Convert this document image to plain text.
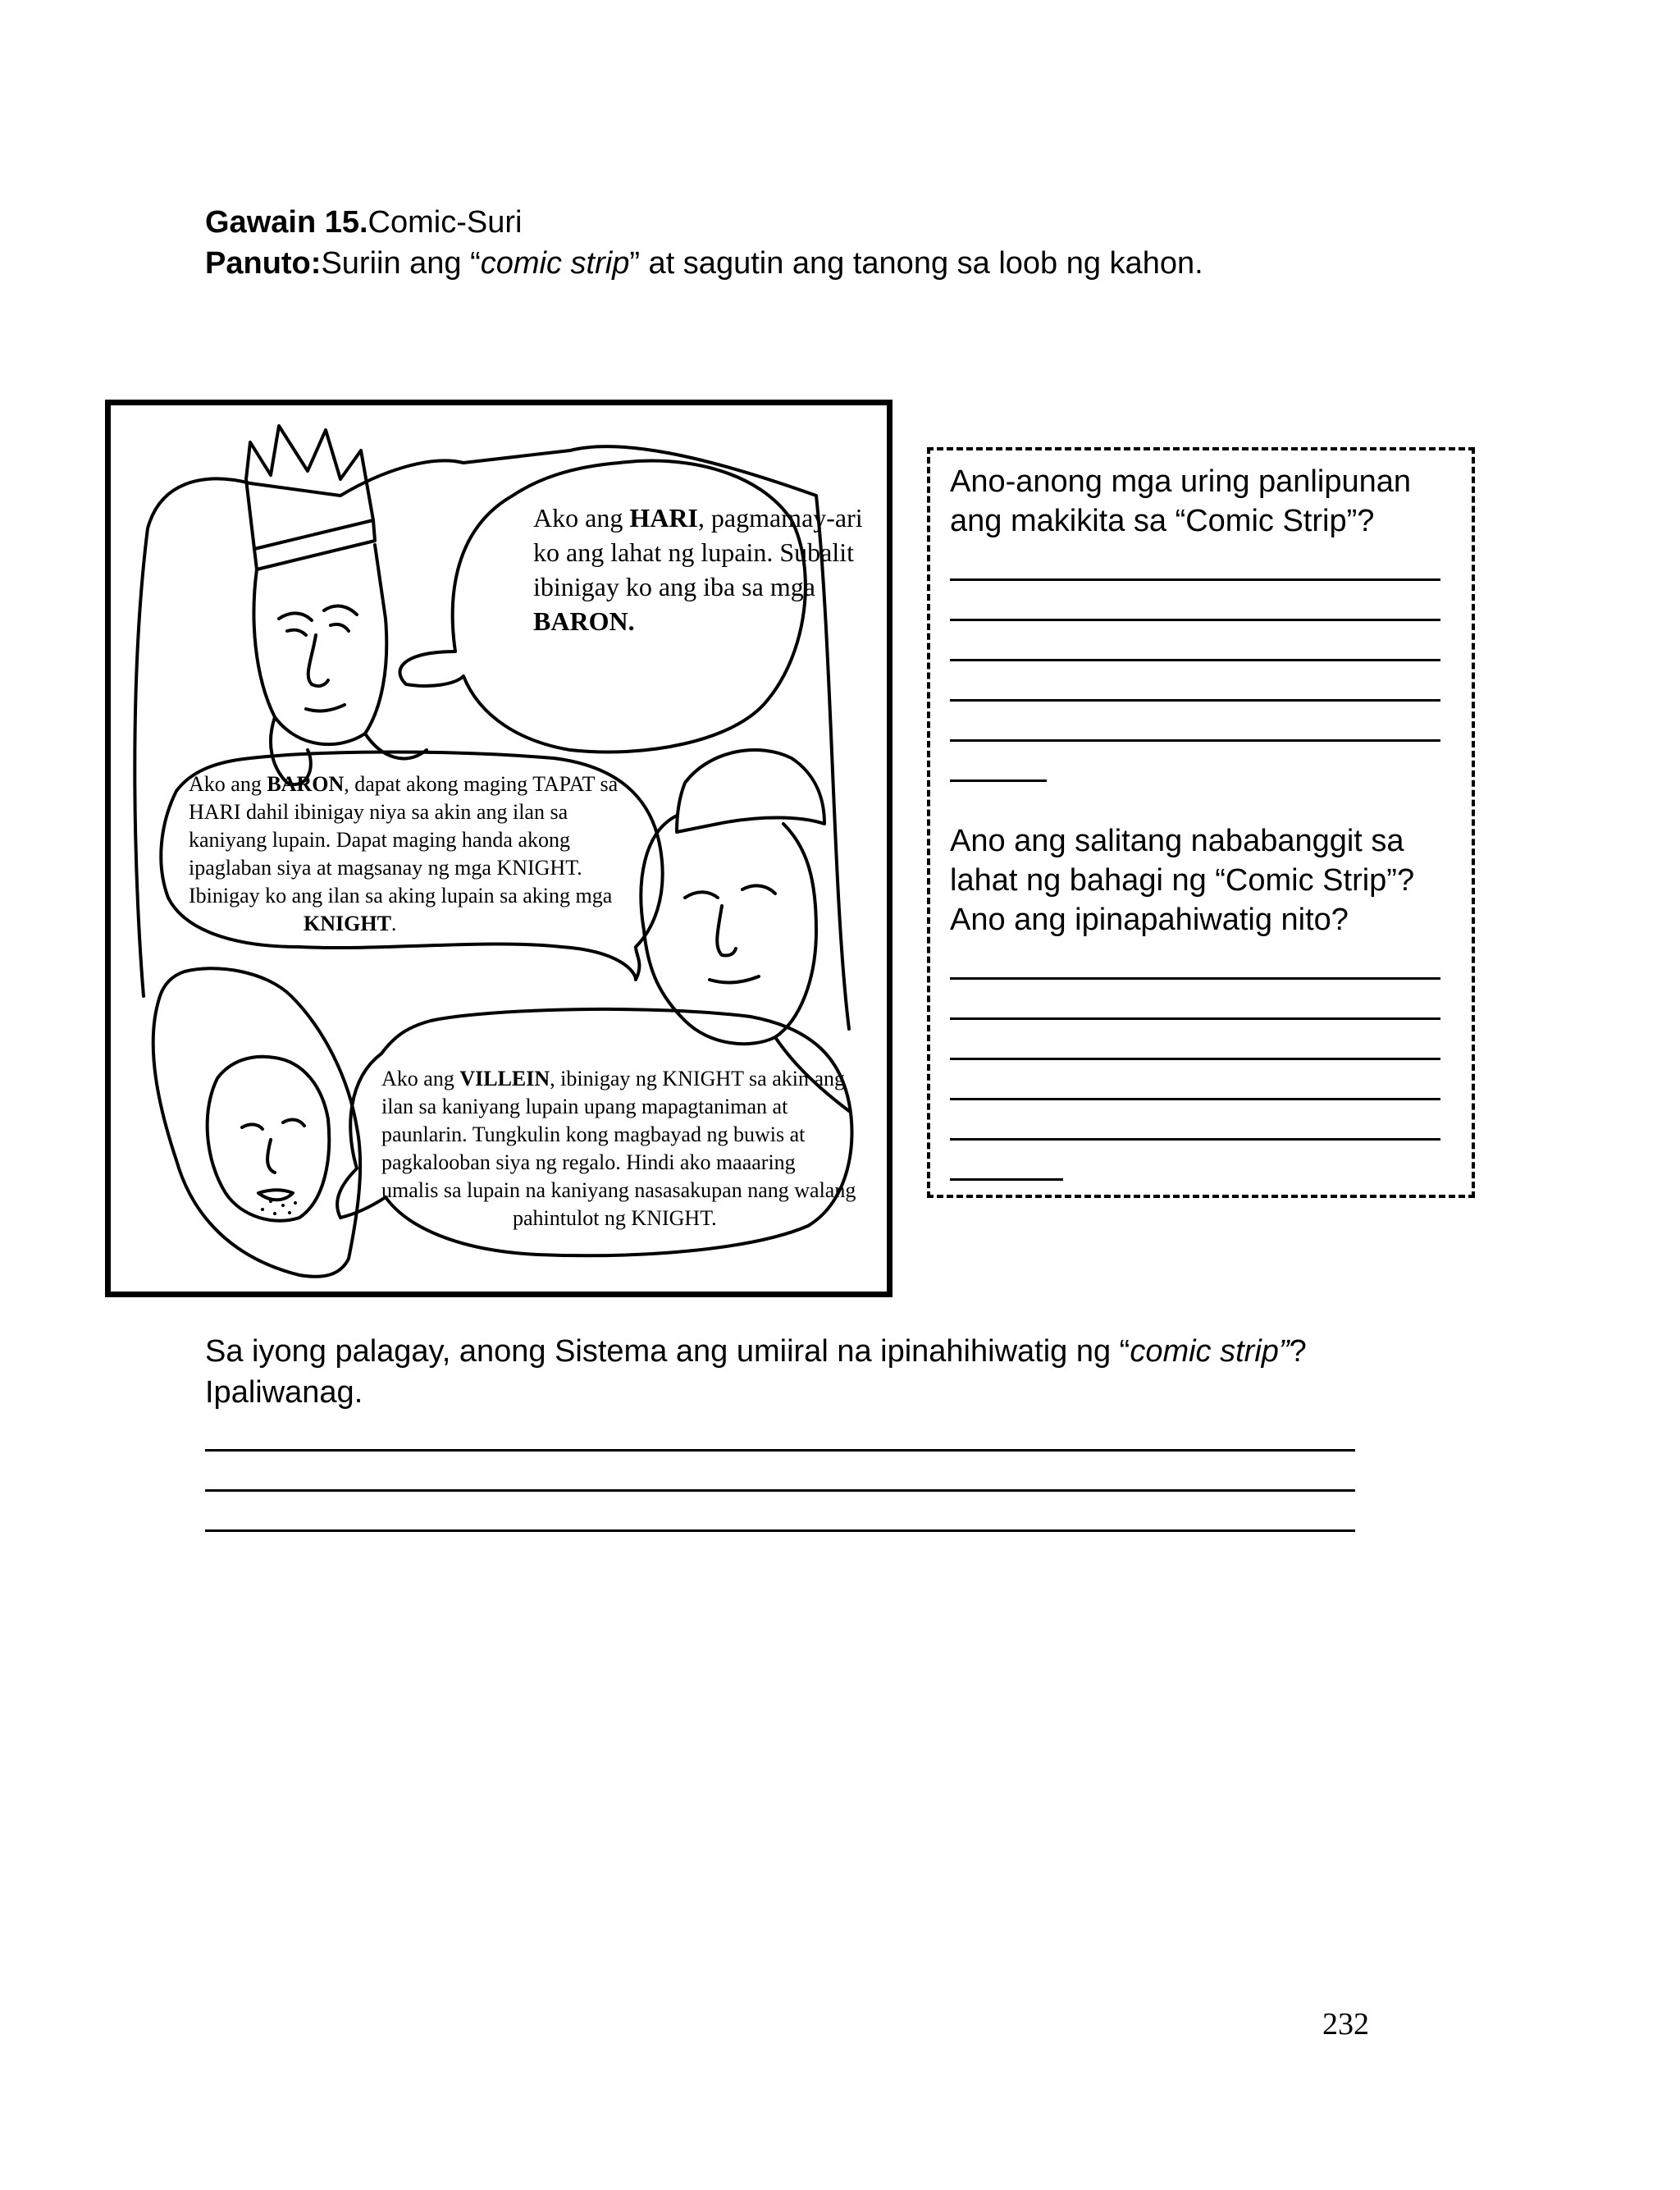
Gawain 15.Comic-Suri
Panuto:Suriin ang “comic strip” at sagutin ang tanong sa loob ng kahon.
Ako ang HARI, pagmamay-ari ko ang lahat ng lupain. Subalit ibinigay ko ang iba sa mga BARON.
Ako ang BARON, dapat akong maging TAPAT sa HARI dahil ibinigay niya sa akin ang ilan sa kaniyang lupain. Dapat maging handa akong ipaglaban siya at magsanay ng mga KNIGHT. Ibinigay ko ang ilan sa aking lupain sa aking mga
KNIGHT.
Ako ang VILLEIN, ibinigay ng KNIGHT sa akin ang ilan sa kaniyang lupain upang mapagtaniman at paunlarin. Tungkulin kong magbayad ng buwis at pagkalooban siya ng regalo. Hindi ako maaaring umalis sa lupain na kaniyang nasasakupan nang walang
pahintulot ng KNIGHT.
Ano-anong mga uring panlipunan ang makikita sa “Comic Strip”?
Ano ang salitang nababanggit sa lahat ng bahagi ng “Comic Strip”? Ano ang ipinapahiwatig nito?
Sa iyong palagay, anong Sistema ang umiiral na ipinahihiwatig ng “comic strip”? Ipaliwanag.
232
